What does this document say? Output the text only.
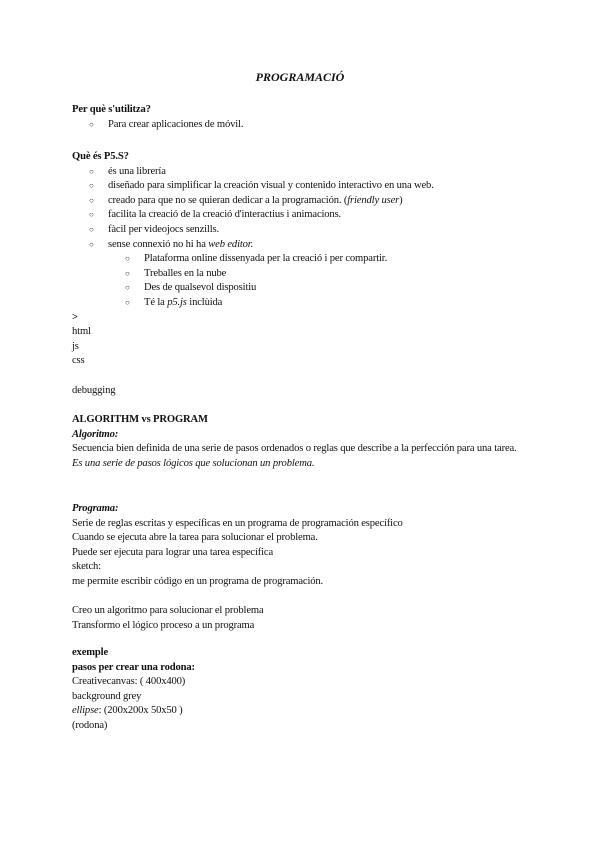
PROGRAMACIÓ
Per què s'utilitza?
○ Para crear aplicaciones de móvil.
Què és P5.S?
○ és una librería
○ diseñado para simplificar la creación visual y contenido interactivo en una web.
○ creado para que no se quieran dedicar a la programación. (friendly user)
○ facilita la creació de la creació d'interactius i animacions.
○ fàcil per videojocs senzills.
○ sense connexió no hi ha web editor.
○ Plataforma online dissenyada per la creació i per compartir.
○ Treballes en la nube
○ Des de qualsevol dispositiu
○ Té la p5.js inclùida
>
html
js
css
debugging
ALGORITHM vs PROGRAM
Algoritmo:
Secuencia bien definida de una serie de pasos ordenados o reglas que describe a la perfección para una tarea.
Es una serie de pasos lógicos que solucionan un problema.
Programa:
Serie de reglas escritas y específicas en un programa de programación específico
Cuando se ejecuta abre la tarea para solucionar el problema.
Puede ser ejecuta para lograr una tarea específica
sketch:
me permite escribir código en un programa de programación.
Creo un algoritmo para solucionar el problema
Transformo el lógico proceso a un programa
exemple
pasos per crear una rodona:
Creativecanvas: ( 400x400)
background grey
ellipse: (200x200x 50x50 )
(rodona)
